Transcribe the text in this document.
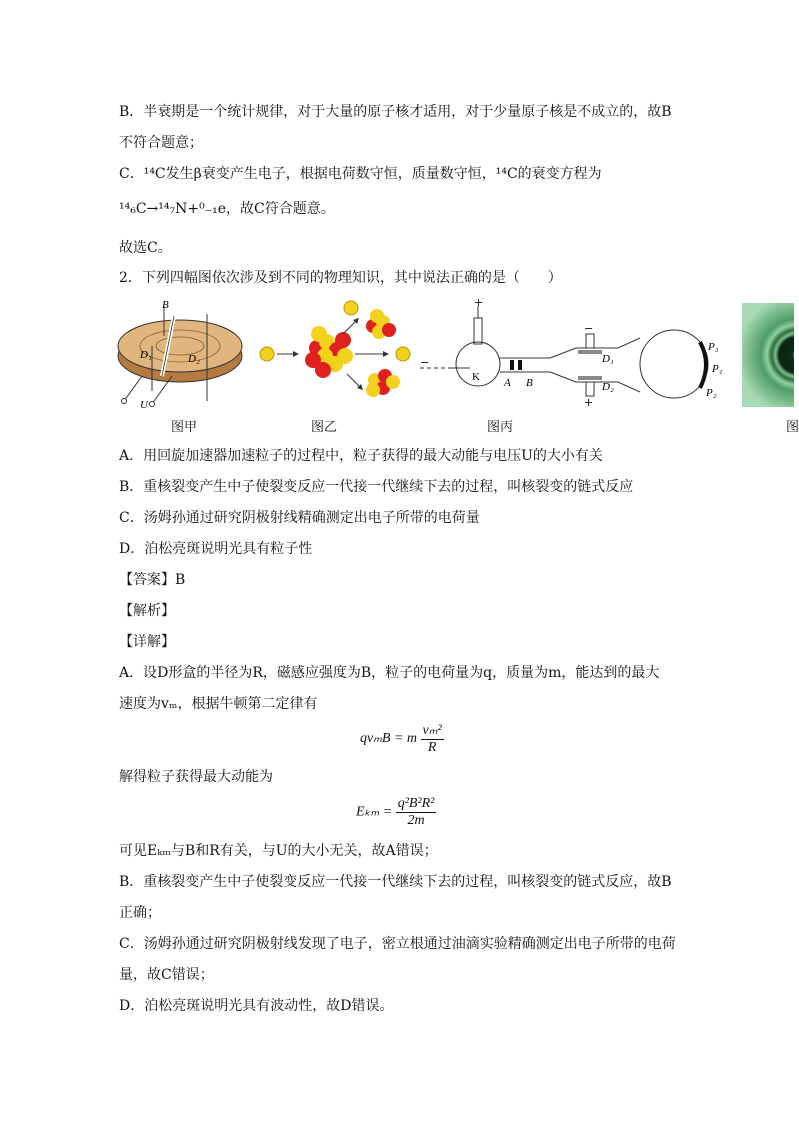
B．半衰期是一个统计规律，对于大量的原子核才适用，对于少量原子核是不成立的，故B
不符合题意；
C．¹⁴C发生β衰变产生电子，根据电荷数守恒，质量数守恒，¹⁴C的衰变方程为
¹⁴₆C→¹⁴₇N+⁰₋₁e，故C符合题意。
故选C。
2．下列四幅图依次涉及到不同的物理知识，其中说法正确的是（　　）
B
D₁	D₂
U
+
−
K A B
−
D₁
D₂
+
P₃
P₁
P₂
图甲	图乙	图丙	图
A．用回旋加速器加速粒子的过程中，粒子获得的最大动能与电压U的大小有关
B．重核裂变产生中子使裂变反应一代接一代继续下去的过程，叫核裂变的链式反应
C．汤姆孙通过研究阴极射线精确测定出电子所带的电荷量
D．泊松亮斑说明光具有粒子性
【答案】B
【解析】
【详解】
A．设D形盒的半径为R，磁感应强度为B，粒子的电荷量为q，质量为m，能达到的最大
速度为vₘ，根据牛顿第二定律有
qvₘB = m $\frac{\text{vₘ²}}{R}$
解得粒子获得最大动能为
$E_{km} = \frac{\text{q²B²R²}}{2m}$
可见Eₖₘ与B和R有关，与U的大小无关，故A错误；
B．重核裂变产生中子使裂变反应一代接一代继续下去的过程，叫核裂变的链式反应，故B
正确；
C．汤姆孙通过研究阴极射线发现了电子，密立根通过油滴实验精确测定出电子所带的电荷
量，故C错误；
D．泊松亮斑说明光具有波动性，故D错误。
